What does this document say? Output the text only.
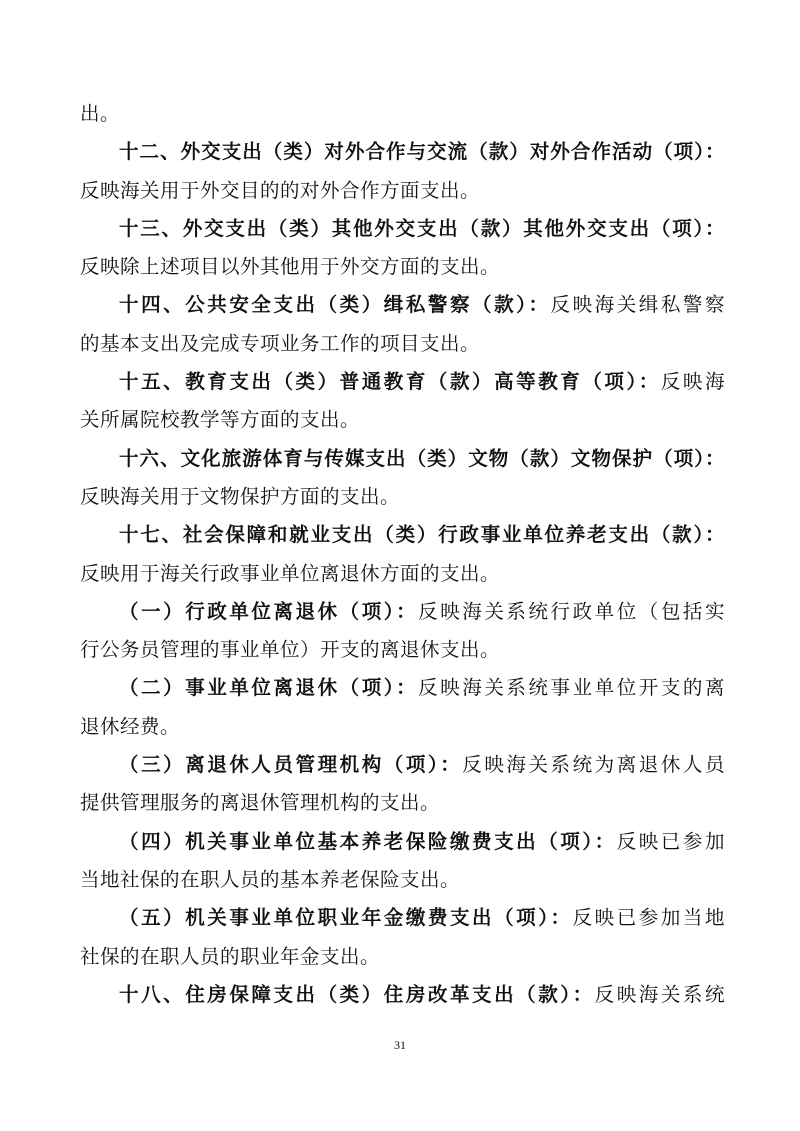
出。
十二、外交支出（类）对外合作与交流（款）对外合作活动（项）：
反映海关用于外交目的的对外合作方面支出。
十三、外交支出（类）其他外交支出（款）其他外交支出（项）：
反映除上述项目以外其他用于外交方面的支出。
十四、公共安全支出（类）缉私警察（款）：反映海关缉私警察
的基本支出及完成专项业务工作的项目支出。
十五、教育支出（类）普通教育（款）高等教育（项）：反映海
关所属院校教学等方面的支出。
十六、文化旅游体育与传媒支出（类）文物（款）文物保护（项）：
反映海关用于文物保护方面的支出。
十七、社会保障和就业支出（类）行政事业单位养老支出（款）：
反映用于海关行政事业单位离退休方面的支出。
（一）行政单位离退休（项）：反映海关系统行政单位（包括实
行公务员管理的事业单位）开支的离退休支出。
（二）事业单位离退休（项）：反映海关系统事业单位开支的离
退休经费。
（三）离退休人员管理机构（项）：反映海关系统为离退休人员
提供管理服务的离退休管理机构的支出。
（四）机关事业单位基本养老保险缴费支出（项）：反映已参加
当地社保的在职人员的基本养老保险支出。
（五）机关事业单位职业年金缴费支出（项）：反映已参加当地
社保的在职人员的职业年金支出。
十八、住房保障支出（类）住房改革支出（款）：反映海关系统
31
